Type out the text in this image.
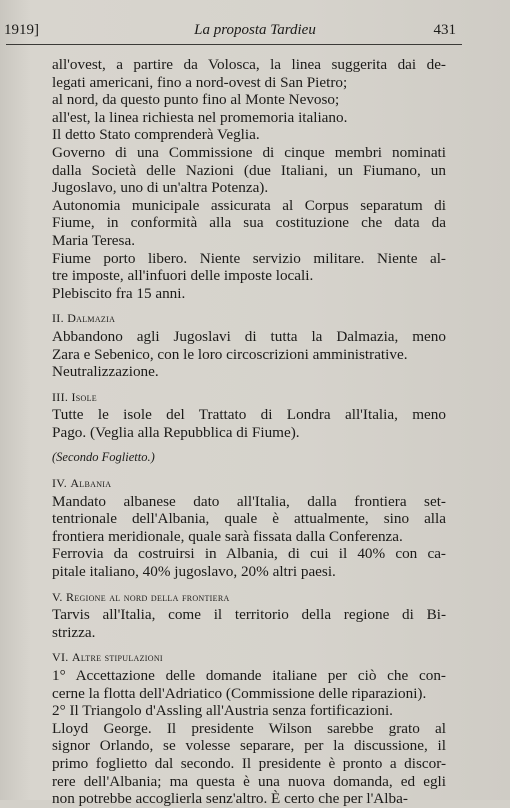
1919]	La proposta Tardieu	431
all'ovest, a partire da Volosca, la linea suggerita dai de-
legati americani, fino a nord-ovest di San Pietro;
al nord, da questo punto fino al Monte Nevoso;
all'est, la linea richiesta nel promemoria italiano.
Il detto Stato comprenderà Veglia.
Governo di una Commissione di cinque membri nominati
dalla Società delle Nazioni (due Italiani, un Fiumano, un
Jugoslavo, uno di un'altra Potenza).
Autonomia municipale assicurata al Corpus separatum di
Fiume, in conformità alla sua costituzione che data da
Maria Teresa.
Fiume porto libero. Niente servizio militare. Niente al-
tre imposte, all'infuori delle imposte locali.
Plebiscito fra 15 anni.
II. Dalmazia
Abbandono agli Jugoslavi di tutta la Dalmazia, meno
Zara e Sebenico, con le loro circoscrizioni amministrative.
Neutralizzazione.
III. Isole
Tutte le isole del Trattato di Londra all'Italia, meno
Pago. (Veglia alla Repubblica di Fiume).
(Secondo Foglietto.)
IV. Albania
Mandato albanese dato all'Italia, dalla frontiera set-
tentrionale dell'Albania, quale è attualmente, sino alla
frontiera meridionale, quale sarà fissata dalla Conferenza.
Ferrovia da costruirsi in Albania, di cui il 40% con ca-
pitale italiano, 40% jugoslavo, 20% altri paesi.
V. Regione al nord della frontiera
Tarvis all'Italia, come il territorio della regione di Bi-
strizza.
VI. Altre stipulazioni
1° Accettazione delle domande italiane per ciò che con-
cerne la flotta dell'Adriatico (Commissione delle riparazioni).
2° Il Triangolo d'Assling all'Austria senza fortificazioni.
Lloyd George. Il presidente Wilson sarebbe grato al
signor Orlando, se volesse separare, per la discussione, il
primo foglietto dal secondo. Il presidente è pronto a discor-
rere dell'Albania; ma questa è una nuova domanda, ed egli
non potrebbe accoglierla senz'altro. È certo che per l'Alba-
